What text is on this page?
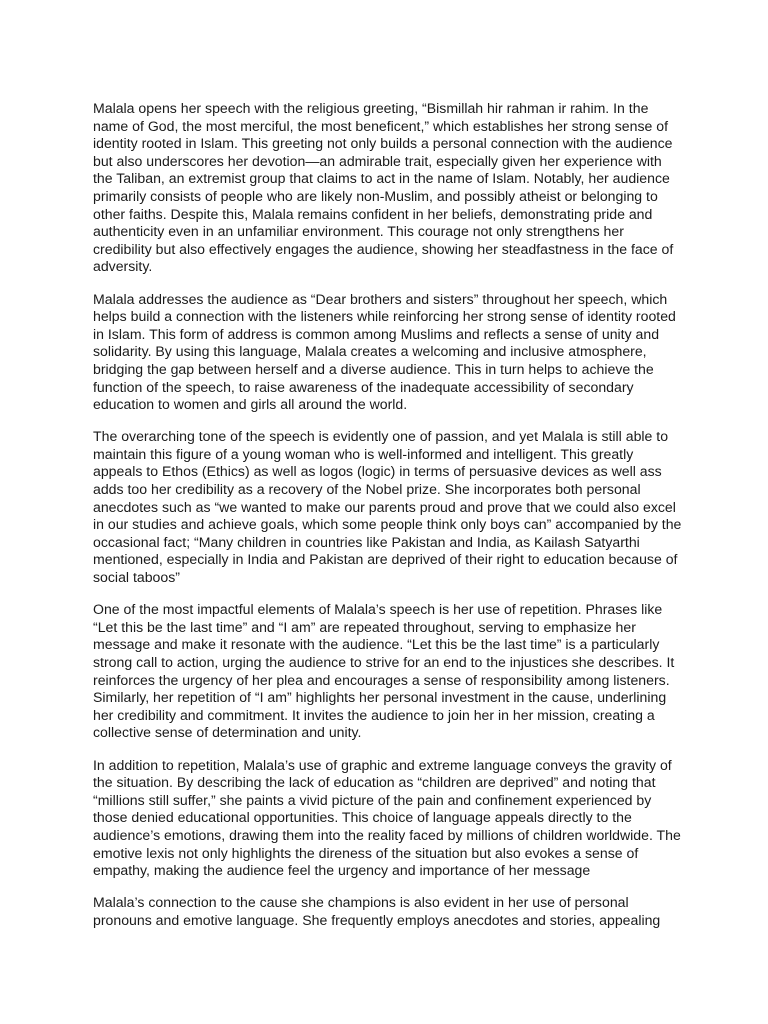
Malala opens her speech with the religious greeting, “Bismillah hir rahman ir rahim. In the name of God, the most merciful, the most beneficent,” which establishes her strong sense of identity rooted in Islam. This greeting not only builds a personal connection with the audience but also underscores her devotion—an admirable trait, especially given her experience with the Taliban, an extremist group that claims to act in the name of Islam. Notably, her audience primarily consists of people who are likely non-Muslim, and possibly atheist or belonging to other faiths. Despite this, Malala remains confident in her beliefs, demonstrating pride and authenticity even in an unfamiliar environment. This courage not only strengthens her credibility but also effectively engages the audience, showing her steadfastness in the face of adversity.

Malala addresses the audience as “Dear brothers and sisters” throughout her speech, which helps build a connection with the listeners while reinforcing her strong sense of identity rooted in Islam. This form of address is common among Muslims and reflects a sense of unity and solidarity. By using this language, Malala creates a welcoming and inclusive atmosphere, bridging the gap between herself and a diverse audience. This in turn helps to achieve the function of the speech, to raise awareness of the inadequate accessibility of secondary education to women and girls all around the world.

The overarching tone of the speech is evidently one of passion, and yet Malala is still able to maintain this figure of a young woman who is well-informed and intelligent. This greatly appeals to Ethos (Ethics) as well as logos (logic) in terms of persuasive devices as well ass adds too her credibility as a recovery of the Nobel prize. She incorporates both personal anecdotes such as “we wanted to make our parents proud and prove that we could also excel in our studies and achieve goals, which some people think only boys can” accompanied by the occasional fact; “Many children in countries like Pakistan and India, as Kailash Satyarthi mentioned, especially in India and Pakistan are deprived of their right to education because of social taboos”

One of the most impactful elements of Malala’s speech is her use of repetition. Phrases like “Let this be the last time” and “I am” are repeated throughout, serving to emphasize her message and make it resonate with the audience. “Let this be the last time” is a particularly strong call to action, urging the audience to strive for an end to the injustices she describes. It reinforces the urgency of her plea and encourages a sense of responsibility among listeners. Similarly, her repetition of “I am” highlights her personal investment in the cause, underlining her credibility and commitment. It invites the audience to join her in her mission, creating a collective sense of determination and unity.

In addition to repetition, Malala’s use of graphic and extreme language conveys the gravity of the situation. By describing the lack of education as “children are deprived” and noting that “millions still suffer,” she paints a vivid picture of the pain and confinement experienced by those denied educational opportunities. This choice of language appeals directly to the audience’s emotions, drawing them into the reality faced by millions of children worldwide. The emotive lexis not only highlights the direness of the situation but also evokes a sense of empathy, making the audience feel the urgency and importance of her message

Malala’s connection to the cause she champions is also evident in her use of personal pronouns and emotive language. She frequently employs anecdotes and stories, appealing
